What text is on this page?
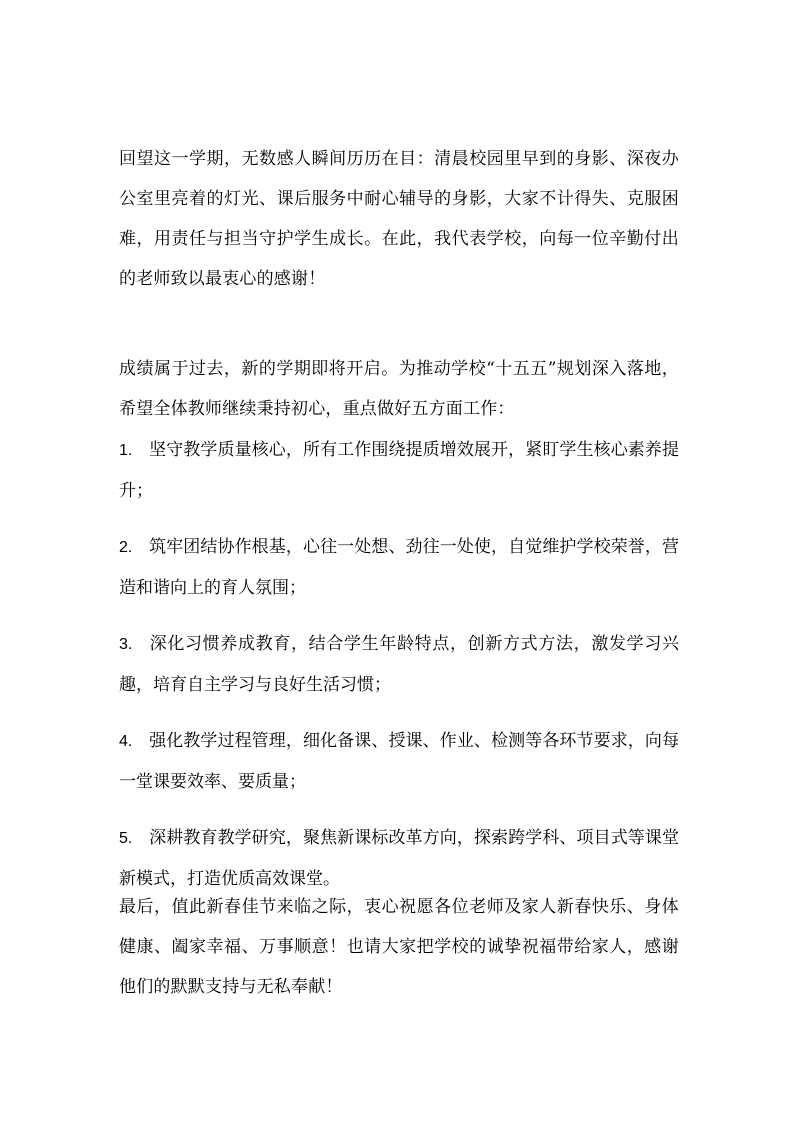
回望这一学期，无数感人瞬间历历在目：清晨校园里早到的身影、深夜办公室里亮着的灯光、课后服务中耐心辅导的身影，大家不计得失、克服困难，用责任与担当守护学生成长。在此，我代表学校，向每一位辛勤付出的老师致以最衷心的感谢！

成绩属于过去，新的学期即将开启。为推动学校“十五五”规划深入落地，希望全体教师继续秉持初心，重点做好五方面工作：

1. 坚守教学质量核心，所有工作围绕提质增效展开，紧盯学生核心素养提升；
2. 筑牢团结协作根基，心往一处想、劲往一处使，自觉维护学校荣誉，营造和谐向上的育人氛围；
3. 深化习惯养成教育，结合学生年龄特点，创新方式方法，激发学习兴趣，培育自主学习与良好生活习惯；
4. 强化教学过程管理，细化备课、授课、作业、检测等各环节要求，向每一堂课要效率、要质量；
5. 深耕教育教学研究，聚焦新课标改革方向，探索跨学科、项目式等课堂新模式，打造优质高效课堂。

最后，值此新春佳节来临之际，衷心祝愿各位老师及家人新春快乐、身体健康、阖家幸福、万事顺意！也请大家把学校的诚挚祝福带给家人，感谢他们的默默支持与无私奉献！
